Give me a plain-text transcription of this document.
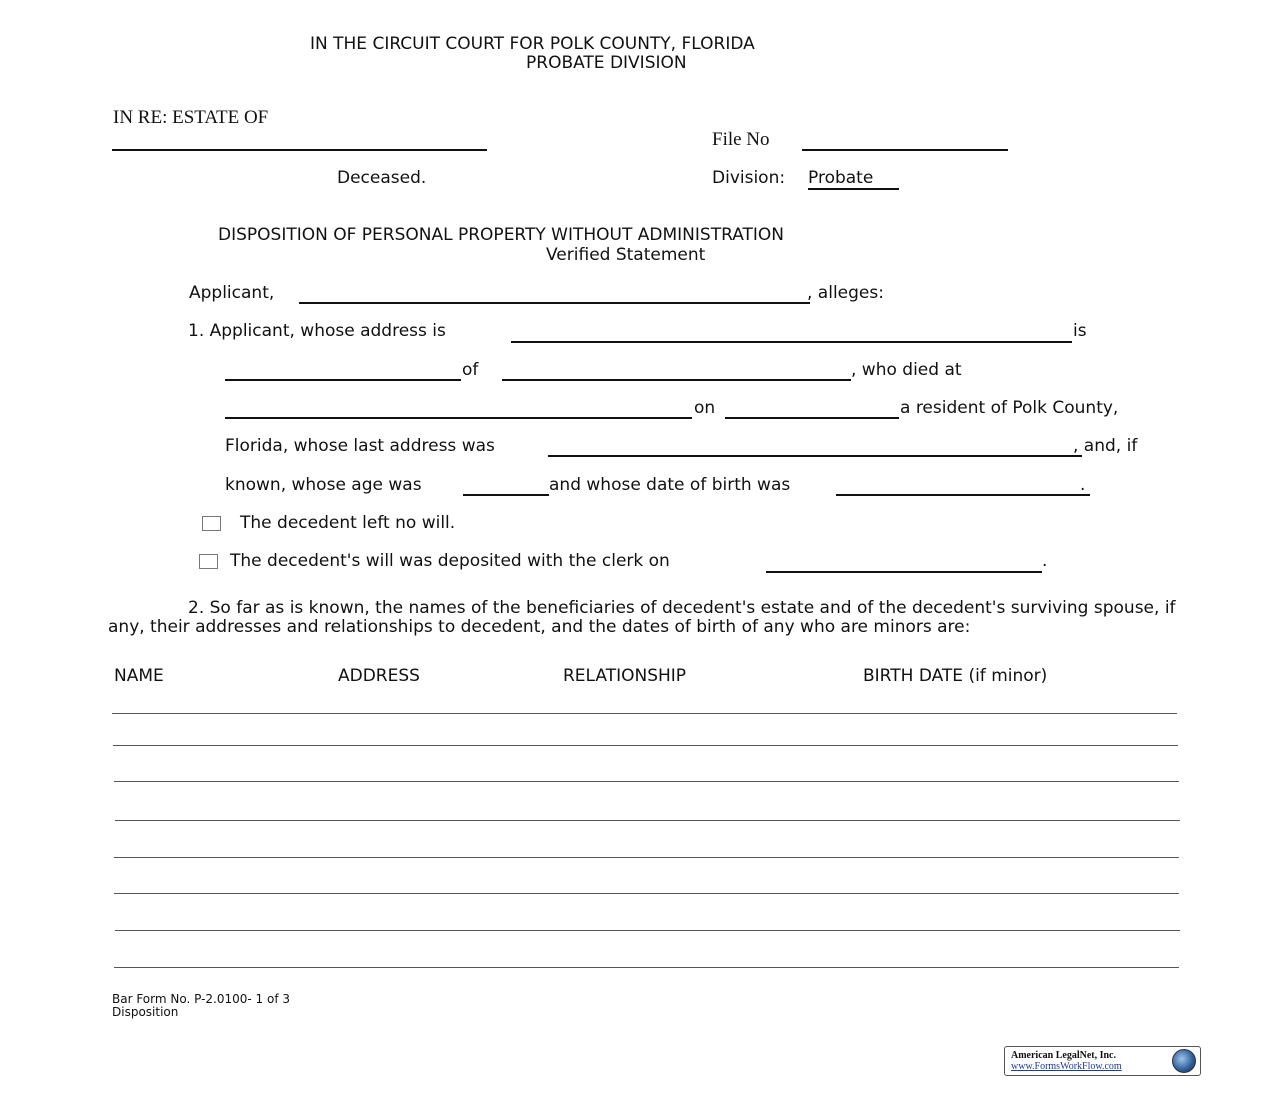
IN THE CIRCUIT COURT FOR POLK COUNTY, FLORIDA
PROBATE DIVISION
IN RE: ESTATE OF
Deceased.
File No
Division: Probate
DISPOSITION OF PERSONAL PROPERTY WITHOUT ADMINISTRATION
Verified Statement
Applicant,	, alleges:
1. Applicant, whose address is	is
of	, who died at
on	a resident of Polk County,
Florida, whose last address was	, and, if
known, whose age was	and whose date of birth was	.
The decedent left no will.
The decedent's will was deposited with the clerk on	.
2. So far as is known, the names of the beneficiaries of decedent's estate and of the decedent's surviving spouse, if any, their addresses and relationships to decedent, and the dates of birth of any who are minors are:
NAME	ADDRESS	RELATIONSHIP	BIRTH DATE (if minor)
Bar Form No. P-2.0100- 1 of 3
Disposition
American LegalNet, Inc.
www.FormsWorkFlow.com
